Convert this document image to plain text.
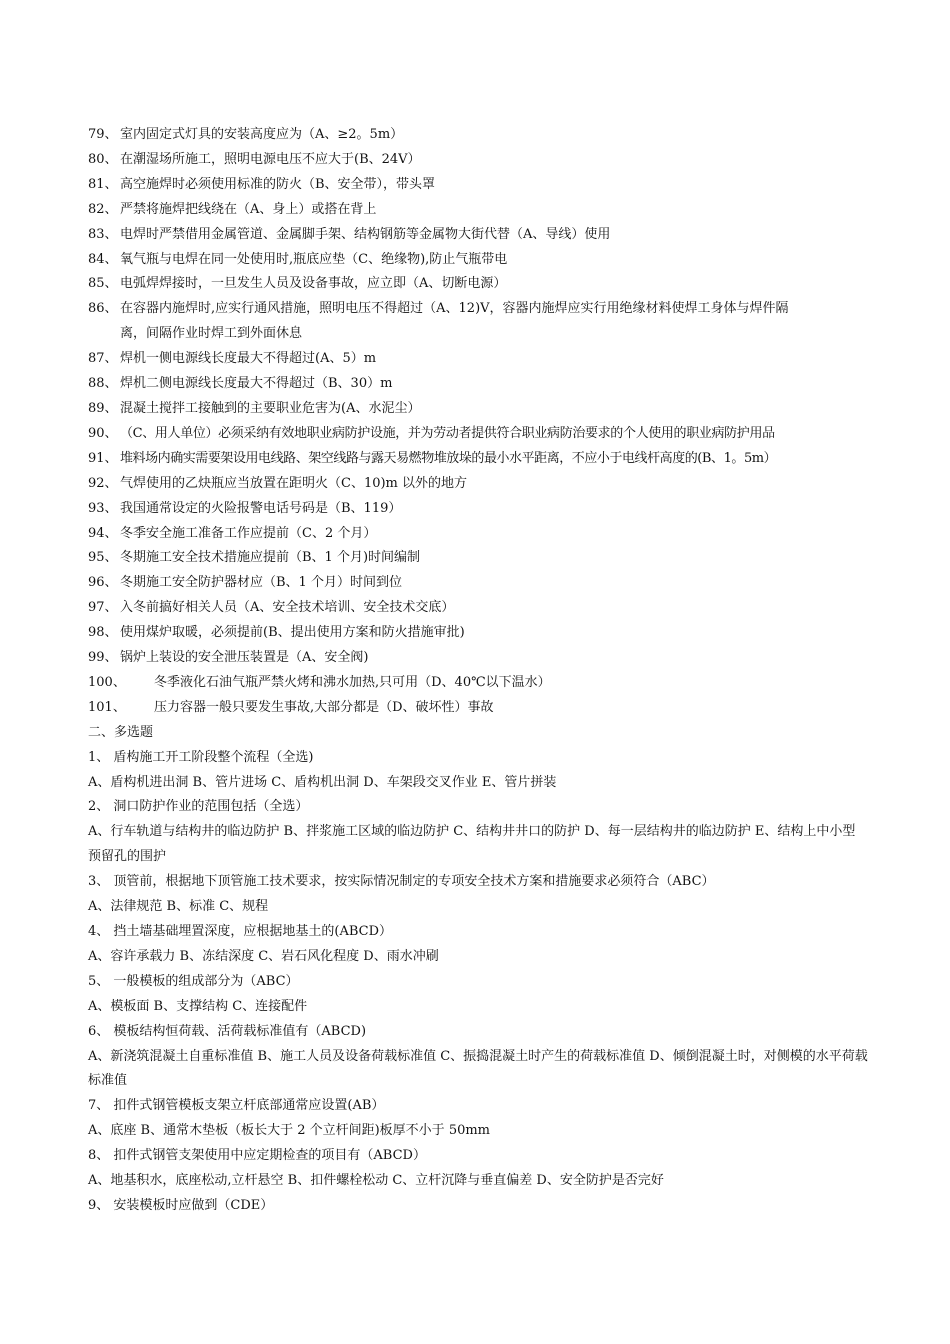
79、 室内固定式灯具的安装高度应为（A、≥2。5m）
80、 在潮湿场所施工，照明电源电压不应大于(B、24V）
81、 高空施焊时必须使用标准的防火（B、安全带），带头罩
82、 严禁将施焊把线绕在（A、身上）或搭在背上
83、 电焊时严禁借用金属管道、金属脚手架、结构钢筋等金属物大街代替（A、导线）使用
84、 氧气瓶与电焊在同一处使用时,瓶底应垫（C、绝缘物),防止气瓶带电
85、 电弧焊焊接时，一旦发生人员及设备事故，应立即（A、切断电源）
86、 在容器内施焊时,应实行通风措施，照明电压不得超过（A、12)V，容器内施焊应实行用绝缘材料使焊工身体与焊件隔
离，间隔作业时焊工到外面休息
87、 焊机一侧电源线长度最大不得超过(A、5）m
88、 焊机二侧电源线长度最大不得超过（B、30）m
89、 混凝土搅拌工接触到的主要职业危害为(A、水泥尘）
90、 （C、用人单位）必须采纳有效地职业病防护设施，并为劳动者提供符合职业病防治要求的个人使用的职业病防护用品
91、 堆料场内确实需要架设用电线路、架空线路与露天易燃物堆放垛的最小水平距离，不应小于电线杆高度的(B、1。5m）
92、 气焊使用的乙炔瓶应当放置在距明火（C、10)m 以外的地方
93、 我国通常设定的火险报警电话号码是（B、119）
94、 冬季安全施工准备工作应提前（C、2 个月）
95、 冬期施工安全技术措施应提前（B、1 个月)时间编制
96、 冬期施工安全防护器材应（B、1 个月）时间到位
97、 入冬前搞好相关人员（A、安全技术培训、安全技术交底）
98、 使用煤炉取暖，必须提前(B、提出使用方案和防火措施审批)
99、 锅炉上装设的安全泄压装置是（A、安全阀)
100、	冬季液化石油气瓶严禁火烤和沸水加热,只可用（D、40℃以下温水）
101、	压力容器一般只要发生事故,大部分都是（D、破坏性）事故
二、多选题
1、 盾构施工开工阶段整个流程（全选)
A、盾构机进出洞 B、管片进场 C、盾构机出洞 D、车架段交叉作业 E、管片拼装
2、 洞口防护作业的范围包括（全选）
A、行车轨道与结构井的临边防护 B、拌浆施工区域的临边防护 C、结构井井口的防护 D、每一层结构井的临边防护 E、结构上中小型预留孔的围护
3、 顶管前，根据地下顶管施工技术要求，按实际情况制定的专项安全技术方案和措施要求必须符合（ABC）
A、法律规范 B、标准 C、规程
4、 挡土墙基础埋置深度，应根据地基土的(ABCD）
A、容许承载力 B、冻结深度 C、岩石风化程度 D、雨水冲刷
5、 一般模板的组成部分为（ABC）
A、模板面 B、支撑结构 C、连接配件
6、 模板结构恒荷载、活荷载标准值有（ABCD)
A、新浇筑混凝土自重标准值 B、施工人员及设备荷载标准值 C、振捣混凝土时产生的荷载标准值 D、倾倒混凝土时，对侧模的水平荷载标准值
7、 扣件式钢管模板支架立杆底部通常应设置(AB）
A、底座 B、通常木垫板（板长大于 2 个立杆间距)板厚不小于 50mm
8、 扣件式钢管支架使用中应定期检查的项目有（ABCD）
A、地基积水，底座松动,立杆悬空 B、扣件螺栓松动 C、立杆沉降与垂直偏差 D、安全防护是否完好
9、 安装模板时应做到（CDE）
